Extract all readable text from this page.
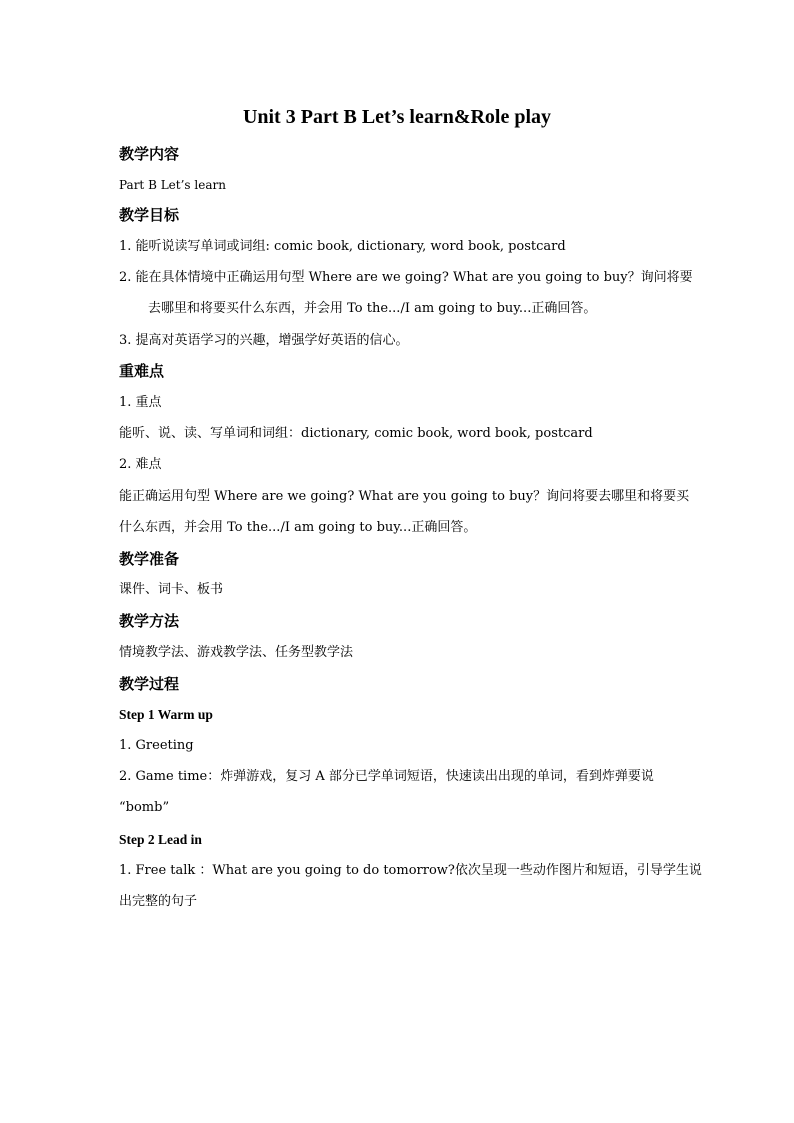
Unit 3 Part B Let’s learn&Role play
教学内容
Part B Let’s learn
教学目标
1. 能听说读写单词或词组: comic book, dictionary, word book, postcard
2. 能在具体情境中正确运用句型 Where are we going? What are you going to buy？询问将要
去哪里和将要买什么东西，并会用 To the.../I am going to buy...正确回答。
3. 提高对英语学习的兴趣，增强学好英语的信心。
重难点
1. 重点
能听、说、读、写单词和词组：dictionary, comic book, word book, postcard
2. 难点
能正确运用句型 Where are we going? What are you going to buy？询问将要去哪里和将要买
什么东西，并会用 To the.../I am going to buy...正确回答。
教学准备
课件、词卡、板书
教学方法
情境教学法、游戏教学法、任务型教学法
教学过程
Step 1 Warm up
1. Greeting
2. Game time：炸弹游戏，复习 A 部分已学单词短语，快速读出出现的单词，看到炸弹要说
“bomb”
Step 2 Lead in
1. Free talk ：What are you going to do tomorrow?依次呈现一些动作图片和短语，引导学生说
出完整的句子
